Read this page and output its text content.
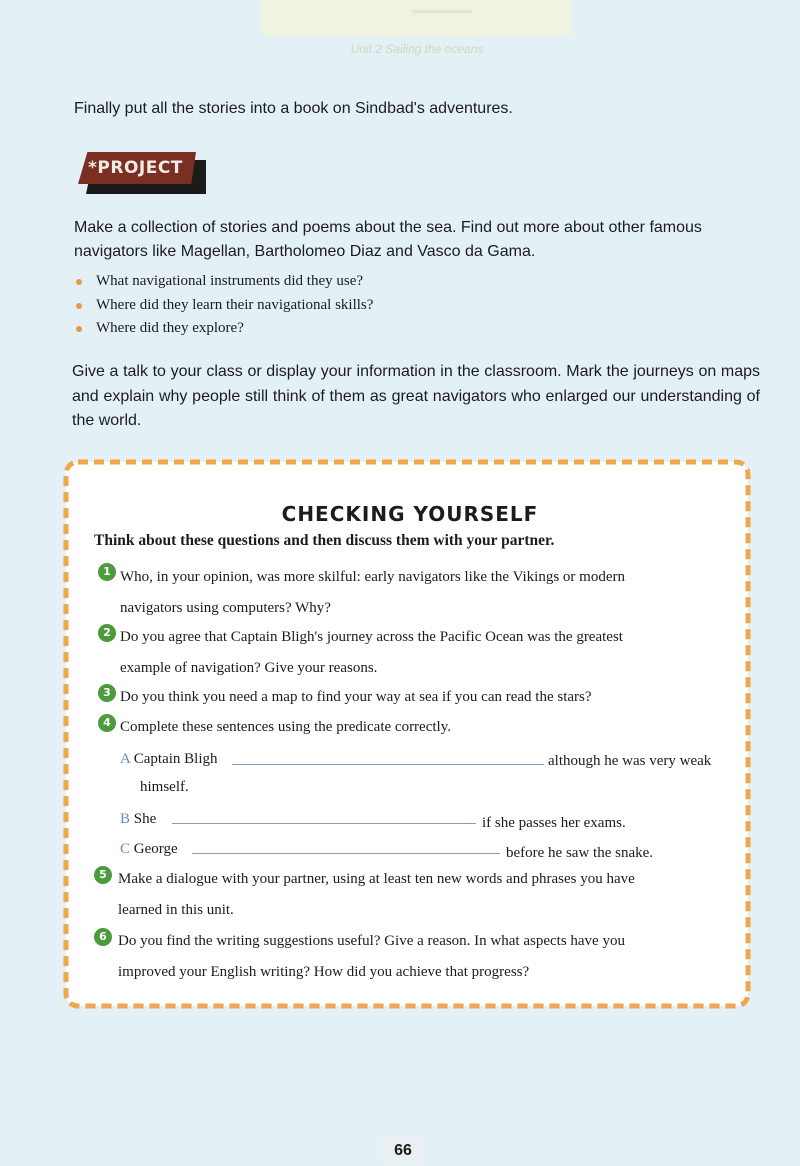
Unit 2 Sailing the oceans
Finally put all the stories into a book on Sindbad's adventures.
*PROJECT
Make a collection of stories and poems about the sea. Find out more about other famous navigators like Magellan, Bartholomeo Diaz and Vasco da Gama.
What navigational instruments did they use?
Where did they learn their navigational skills?
Where did they explore?
Give a talk to your class or display your information in the classroom. Mark the journeys on maps and explain why people still think of them as great navigators who enlarged our understanding of the world.
CHECKING YOURSELF
Think about these questions and then discuss them with your partner.
1 Who, in your opinion, was more skilful: early navigators like the Vikings or modern
navigators using computers? Why?
2 Do you agree that Captain Bligh's journey across the Pacific Ocean was the greatest
example of navigation? Give your reasons.
3 Do you think you need a map to find your way at sea if you can read the stars?
4 Complete these sentences using the predicate correctly.
A Captain Bligh	although he was very weak
himself.
B She	if she passes her exams.
C George	before he saw the snake.
5 Make a dialogue with your partner, using at least ten new words and phrases you have
learned in this unit.
6 Do you find the writing suggestions useful? Give a reason. In what aspects have you
improved your English writing? How did you achieve that progress?
66
